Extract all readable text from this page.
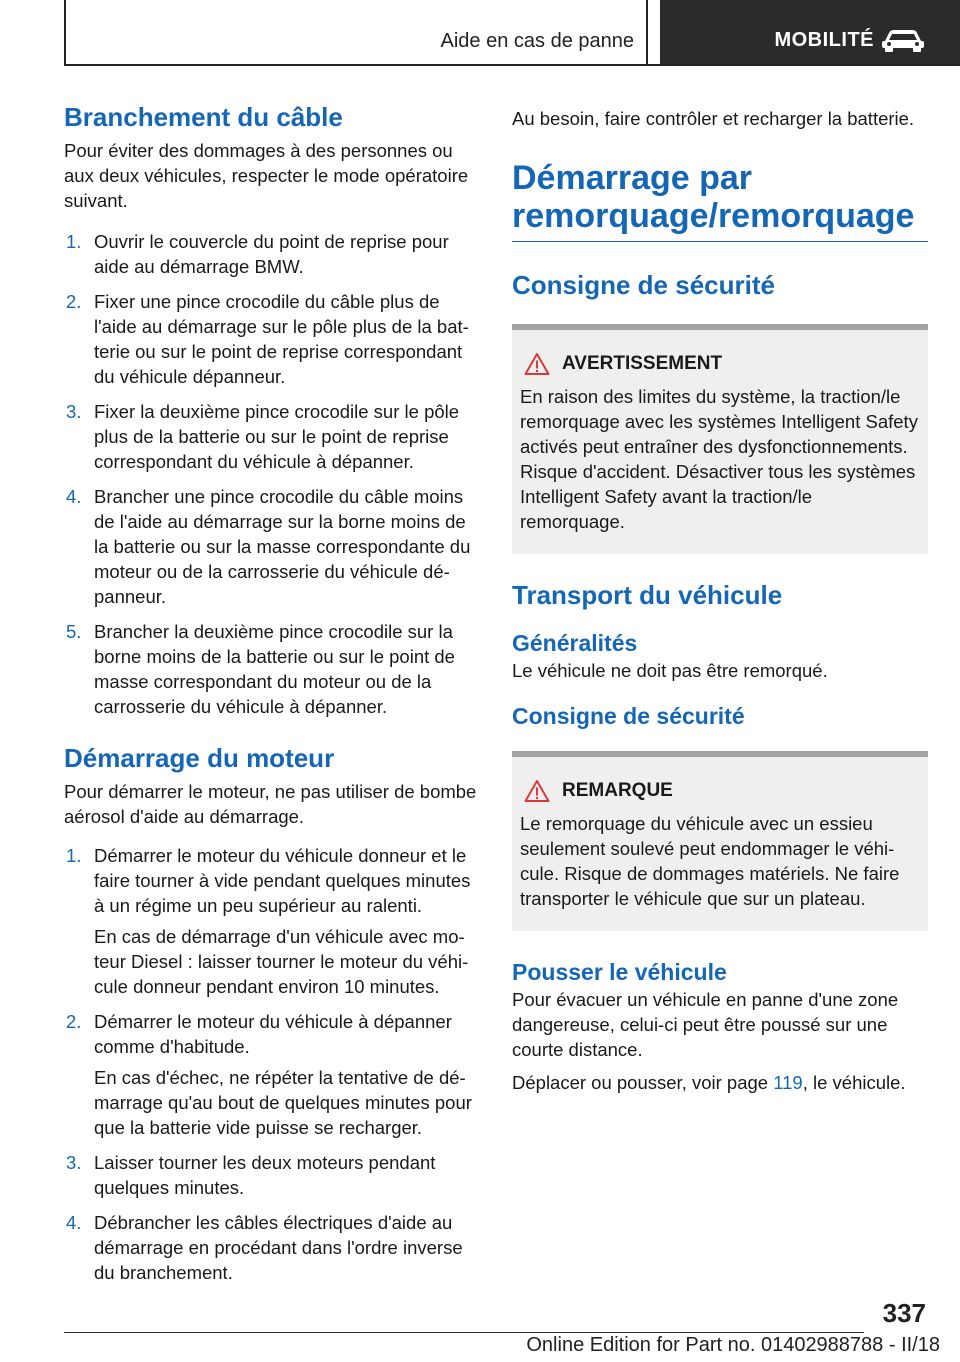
Aide en cas de panne	MOBILITÉ
Branchement du câble

Pour éviter des dommages à des personnes ou aux deux véhicules, respecter le mode opératoire suivant.

1. Ouvrir le couvercle du point de reprise pour aide au démarrage BMW.
2. Fixer une pince crocodile du câble plus de l'aide au démarrage sur le pôle plus de la batterie ou sur le point de reprise correspondant du véhicule dépanneur.
3. Fixer la deuxième pince crocodile sur le pôle plus de la batterie ou sur le point de reprise correspondant du véhicule à dépanner.
4. Brancher une pince crocodile du câble moins de l'aide au démarrage sur la borne moins de la batterie ou sur la masse correspondante du moteur ou de la carrosserie du véhicule dépanneur.
5. Brancher la deuxième pince crocodile sur la borne moins de la batterie ou sur le point de masse correspondant du moteur ou de la carrosserie du véhicule à dépanner.
Démarrage du moteur

Pour démarrer le moteur, ne pas utiliser de bombe aérosol d'aide au démarrage.

1. Démarrer le moteur du véhicule donneur et le faire tourner à vide pendant quelques minutes à un régime un peu supérieur au ralenti.
En cas de démarrage d'un véhicule avec moteur Diesel : laisser tourner le moteur du véhicule donneur pendant environ 10 minutes.
2. Démarrer le moteur du véhicule à dépanner comme d'habitude.
En cas d'échec, ne répéter la tentative de démarrage qu'au bout de quelques minutes pour que la batterie vide puisse se recharger.
3. Laisser tourner les deux moteurs pendant quelques minutes.
4. Débrancher les câbles électriques d'aide au démarrage en procédant dans l'ordre inverse du branchement.

Au besoin, faire contrôler et recharger la batterie.

Démarrage par remorquage/remorquage
Consigne de sécurité
AVERTISSEMENT

En raison des limites du système, la traction/le remorquage avec les systèmes Intelligent Safety activés peut entraîner des dysfonctionnements. Risque d'accident. Désactiver tous les systèmes Intelligent Safety avant la traction/le remorquage.

Transport du véhicule
Généralités

Le véhicule ne doit pas être remorqué.

Consigne de sécurité
REMARQUE

Le remorquage du véhicule avec un essieu seulement soulevé peut endommager le véhicule. Risque de dommages matériels. Ne faire transporter le véhicule que sur un plateau.

Pousser le véhicule

Pour évacuer un véhicule en panne d'une zone dangereuse, celui-ci peut être poussé sur une courte distance.

Déplacer ou pousser, voir page 119, le véhicule.

337
Online Edition for Part no. 01402988788 - II/18
